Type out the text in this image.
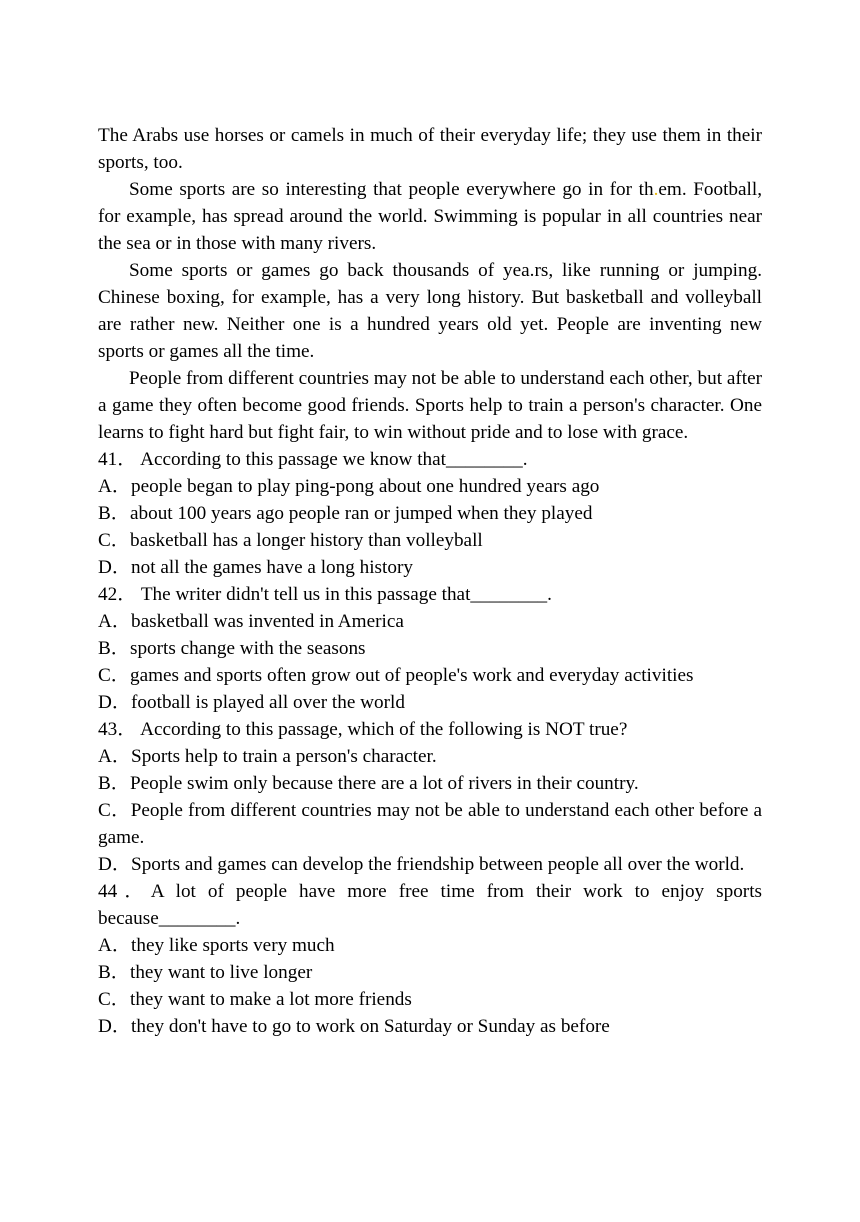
The Arabs use horses or camels in much of their everyday life; they use them in their sports, too.

Some sports are so interesting that people everywhere go in for th.em. Football, for example, has spread around the world. Swimming is popular in all countries near the sea or in those with many rivers.

Some sports or games go back thousands of yea.rs, like running or jumping. Chinese boxing, for example, has a very long history. But basketball and volleyball are rather new. Neither one is a hundred years old yet. People are inventing new sports or games all the time.

People from different countries may not be able to understand each other, but after a game they often become good friends. Sports help to train a person's character. One learns to fight hard but fight fair, to win without pride and to lose with grace.

41． According to this passage we know that________.

A．people began to play ping-pong about one hundred years ago

B．about 100 years ago people ran or jumped when they played

C．basketball has a longer history than volleyball

D．not all the games have a long history

42． The writer didn't tell us in this passage that________.

A．basketball was invented in America

B．sports change with the seasons

C．games and sports often grow out of people's work and everyday activities

D．football is played all over the world

43． According to this passage, which of the following is NOT true?

A．Sports help to train a person's character.

B．People swim only because there are a lot of rivers in their country.

C．People from different countries may not be able to understand each other before a game.

D．Sports and games can develop the friendship between people all over the world.

44．A lot of people have more free time from their work to enjoy sports because________.

A．they like sports very much

B．they want to live longer

C．they want to make a lot more friends

D．they don't have to go to work on Saturday or Sunday as before
